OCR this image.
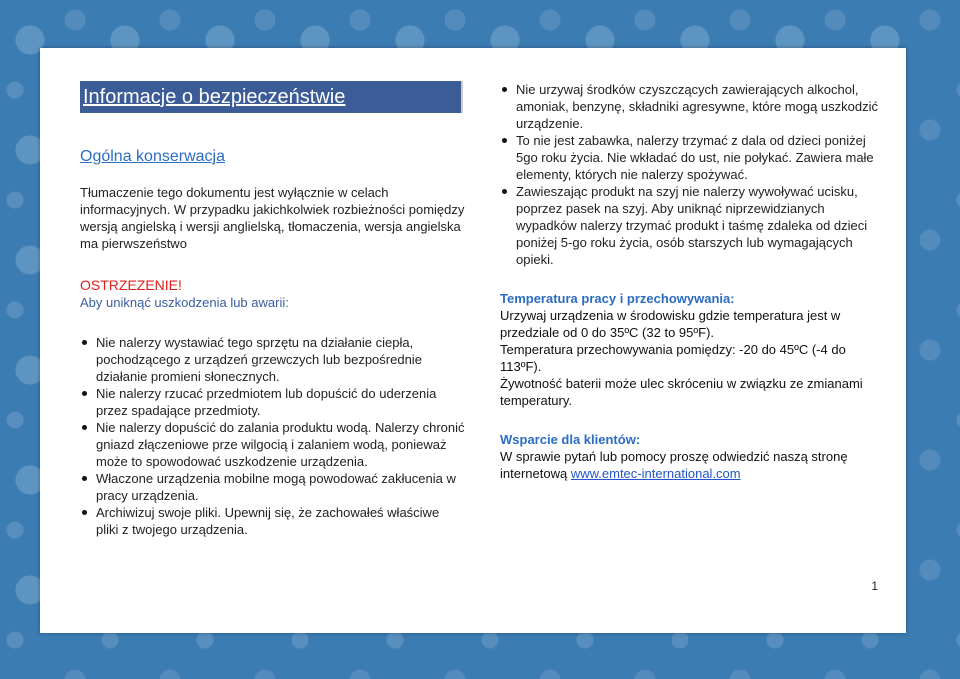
Informacje o bezpieczeństwie
Ogólna konserwacja
Tłumaczenie tego dokumentu jest wyłącznie w celach informacyjnych. W przypadku jakichkolwiek rozbieżności pomiędzy wersją angielską i wersji anglielską, tłomaczenia, wersja angielska ma pierwszeństwo
OSTRZEZENIE!
Aby uniknąć uszkodzenia lub awarii:
Nie nalerzy wystawiać tego sprzętu na działanie ciepła, pochodzącego z urządzeń grzewczych lub bezpośrednie działanie promieni słonecznych.
Nie nalerzy rzucać przedmiotem lub dopuścić do uderzenia przez spadające przedmioty.
Nie nalerzy dopuścić do zalania produktu wodą. Nalerzy chronić gniazd złączeniowe prze wilgocią i zalaniem wodą, ponieważ może to spowodować uszkodzenie urządzenia.
Właczone urządzenia mobilne mogą powodować zakłucenia w pracy urządzenia.
Archiwizuj swoje pliki. Upewnij się, że zachowałeś właściwe pliki z twojego urządzenia.
Nie urzywaj środków czyszczących zawierających alkochol, amoniak, benzynę, składniki agresywne, które mogą uszkodzić urządzenie.
To nie jest zabawka, nalerzy trzymać z dala od dzieci poniżej 5go roku życia. Nie wkładać do ust, nie połykać. Zawiera małe elementy, których nie nalerzy spożywać.
Zawieszając produkt na szyj nie nalerzy wywoływać ucisku, poprzez pasek na szyj. Aby uniknąć niprzewidzianych wypadków nalerzy trzymać produkt i taśmę zdaleka od dzieci poniżej 5-go roku życia, osób starszych lub wymagających opieki.
Temperatura pracy i przechowywania:
Urzywaj urządzenia w środowisku gdzie temperatura jest w przedziale od 0 do 35ºC (32 to 95ºF).
Temperatura przechowywania pomiędzy: -20 do 45ºC (-4 do 113ºF).
Żywotność baterii może ulec skróceniu w związku ze zmianami temperatury.
Wsparcie dla klientów:
W sprawie pytań lub pomocy proszę odwiedzić naszą stronę internetową www.emtec-international.com
1
